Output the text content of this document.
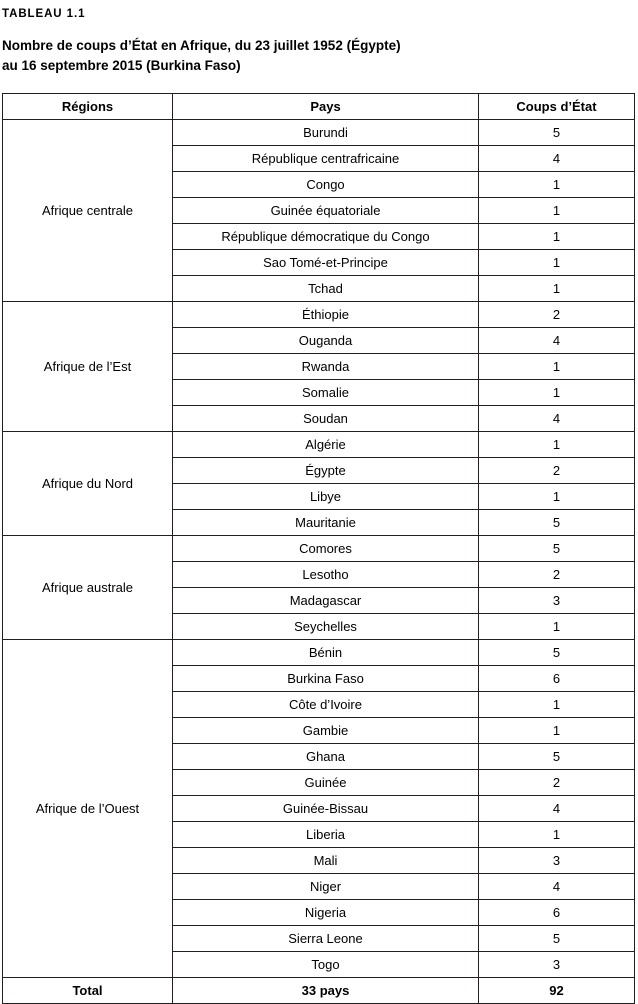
TABLEAU 1.1
Nombre de coups d’État en Afrique, du 23 juillet 1952 (Égypte)
au 16 septembre 2015 (Burkina Faso)
Régions	Pays	Coups d’État
Afrique centrale	Burundi	5
	République centrafricaine	4
	Congo	1
	Guinée équatoriale	1
	République démocratique du Congo	1
	Sao Tomé-et-Principe	1
	Tchad	1
Afrique de l’Est	Éthiopie	2
	Ouganda	4
	Rwanda	1
	Somalie	1
	Soudan	4
Afrique du Nord	Algérie	1
	Égypte	2
	Libye	1
	Mauritanie	5
Afrique australe	Comores	5
	Lesotho	2
	Madagascar	3
	Seychelles	1
Afrique de l’Ouest	Bénin	5
	Burkina Faso	6
	Côte d’Ivoire	1
	Gambie	1
	Ghana	5
	Guinée	2
	Guinée-Bissau	4
	Liberia	1
	Mali	3
	Niger	4
	Nigeria	6
	Sierra Leone	5
	Togo	3
Total	33 pays	92
